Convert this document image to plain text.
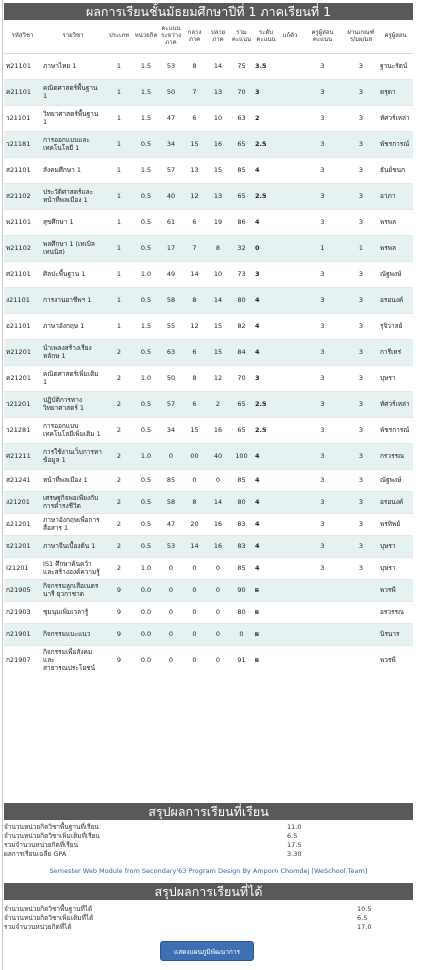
ผลการเรียนชั้นมัธยมศึกษาปีที่ 1 ภาคเรียนที่ 1
รหัสวิชา	รายวิชา	ประเภท	หน่วยกิต	คะแนนระหว่างภาค	กลาง ภาค	ปลาย ภาค	รวม คะแนน	ระดับ คะแนน	แก้ตัว	ครูผู้สอนคะแนน	ผ่านเกณฑ์ ร/มผ/มส	ครูผู้สอน
ท21101	ภาษาไทย 1	1	1.5	53	8	14	75	3.5		3	3	ฐานะรัตน์
ค21101	คณิตศาสตร์พื้นฐาน 1	1	1.5	50	7	13	70	3		3	3	ดรุดา
ว21101	วิทยาศาสตร์พื้นฐาน 1	1	1.5	47	6	10	63	2		3	3	ทัศวร์เหล่า
ว21181	การออกแบบและเทคโนโลยี 1	1	0.5	34	15	16	65	2.5		3	3	พัชรการณ์
ส21101	สังคมศึกษา 1	1	1.5	57	13	15	85	4		3	3	ธันย์ชนก
ส21102	ประวัติศาสตร์และหน้าที่พลเมือง 1	1	0.5	40	12	13	65	2.5		3	3	อาภา
พ21101	สุขศึกษา 1	1	0.5	61	6	19	86	4		3	3	พรพล
พ21102	พลศึกษา 1 (เทเบิลเทนนิส)	1	0.5	17	7	8	32	0		1	1	พรพล
ศ21101	ศิลปะพื้นฐาน 1	1	1.0	49	14	10	73	3		3	3	ณัฐพงษ์
ง21101	การงานอาชีพฯ 1	1	0.5	58	8	14	80	4		3	3	อรอนงค์
อ21101	ภาษาอังกฤษ 1	1	1.5	55	12	15	82	4		3	3	รุจิวาลย์
ท21201	นำเพลงสร้างเรียงหลักษ 1	2	0.5	63	6	15	84	4		3	3	การีเหร่
ค21201	คณิตศาสตร์เพิ่มเติม 1	2	1.0	50	8	12	70	3		3	3	บุษรา
ว21201	ปฏิบัติการทางวิทยาศาสตร์ 1	2	0.5	57	6	2	65	2.5		3	3	ทัศวร์เหล่า
ว21281	การออกแบบเทคโนโลยีเพิ่มเติม 1	2	0.5	34	15	16	65	2.5		3	3	พัชรการณ์
ศ21211	การใช้งานเว็บการหาข้อมูล 1	2	1.0	0	00	40	100	4		3	3	กรวรรณ
ส21241	หน้าที่พลเมือง 1	2	0.5	85	0	0	85	4		3	3	ณัฐพงษ์
ง21201	เศรษฐกิจพอเพียงกับการดำรงชีวิต	2	0.5	58	8	14	80	4		3	3	อรอนงค์
อ21201	ภาษาอังกฤษเพื่อการสื่อสาร 1	2	0.5	47	20	16	83	4		3	3	พรทิพย์
จ21201	ภาษาจีนเบื้องต้น 1	2	0.5	53	14	16	83	4		3	3	บุษรา
I21201	IS1 ศึกษาค้นคว้าและสร้างองค์ความรู้	2	1.0	0	0	0	85	4		3	3	บุษรา
ก21905	กิจกรรมลูกเสือเนตรนารี ยุวกาชาด	9	0.0	0	0	0	90	ผ				พวรพี
ก21903	ชุมนุมเพิ่มเวลารู้	9	0.0	0	0	0	80	ผ				อรวรรณ
ก21901	กิจกรรมแนะแนว	9	0.0	0	0	0	0	ผ				นิรนาร
ก21907	กิจกรรมเพื่อสังคมและสาธารณประโยชน์	9	0.0	0	0	0	91	ผ				พวรพี
สรุปผลการเรียนที่เรียน
จำนวนหน่วยกิตวิชาพื้นฐานที่เรียน	11.0
จำนวนหน่วยกิตวิชาเพิ่มเติมที่เรียน	6.5
รวมจำนวนหน่วยกิตที่เรียน	17.5
ผลการเรียนเฉลี่ย GPA	3.30
Semester Web Module from Secondary'63 Program Design By Amporn Chomdej [WeSchool Team]
สรุปผลการเรียนที่ได้
จำนวนหน่วยกิตวิชาพื้นฐานที่ได้	10.5
จำนวนหน่วยกิตวิชาเพิ่มเติมที่ได้	6.5
รวมจำนวนหน่วยกิตที่ได้	17.0
แสดงแผนภูมิพัฒนาการ
